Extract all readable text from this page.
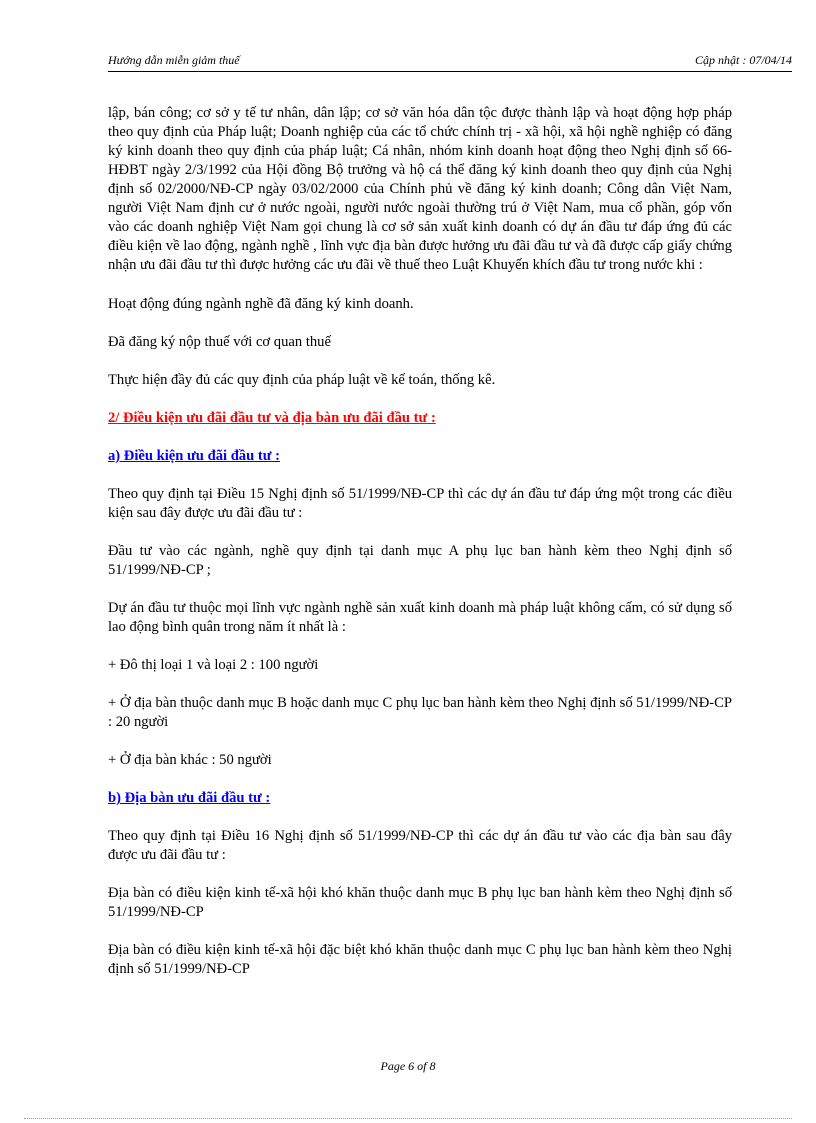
Hướng dẫn miễn giảm thuế	Cập nhật : 07/04/14

lập, bán công; cơ sở y tế tư nhân, dân lập; cơ sở văn hóa dân tộc được thành lập và hoạt động hợp pháp theo quy định của Pháp luật; Doanh nghiệp của các tổ chức chính trị - xã hội, xã hội nghề nghiệp có đăng ký kinh doanh theo quy định của pháp luật; Cá nhân, nhóm kinh doanh hoạt động theo Nghị định số 66-HĐBT ngày 2/3/1992 của Hội đồng Bộ trưởng và hộ cá thể đăng ký kinh doanh theo quy định của Nghị định số 02/2000/NĐ-CP ngày 03/02/2000 của Chính phủ về đăng ký kinh doanh; Công dân Việt Nam, người Việt Nam định cư ở nước ngoài, người nước ngoài thường trú ở Việt Nam, mua cổ phần, góp vốn vào các doanh nghiệp Việt Nam gọi chung là cơ sở sản xuất kinh doanh có dự án đầu tư đáp ứng đủ các điều kiện về lao động, ngành nghề , lĩnh vực địa bàn được hưởng ưu đãi đầu tư và đã được cấp giấy chứng nhận ưu đãi đầu tư thì được hưởng các ưu đãi về thuế theo Luật Khuyến khích đầu tư trong nước khi :

Hoạt động đúng ngành nghề đã đăng ký kinh doanh.

Đã đăng ký nộp thuế với cơ quan thuế

Thực hiện đầy đủ các quy định của pháp luật về kế toán, thống kê.

2/ Điều kiện ưu đãi đầu tư và địa bàn ưu đãi đầu tư :

a) Điều kiện ưu đãi đầu tư :

Theo quy định tại Điều 15 Nghị định số 51/1999/NĐ-CP thì các dự án đầu tư đáp ứng một trong các điều kiện sau đây được ưu đãi đầu tư :

Đầu tư vào các ngành, nghề quy định tại danh mục A phụ lục ban hành kèm theo Nghị định số 51/1999/NĐ-CP ;

Dự án đầu tư thuộc mọi lĩnh vực ngành nghề sản xuất kinh doanh mà pháp luật không cấm, có sử dụng số lao động bình quân trong năm ít nhất là :

+ Đô thị loại 1 và loại 2 : 100 người

+ Ở địa bàn thuộc danh mục B hoặc danh mục C phụ lục ban hành kèm theo Nghị định số 51/1999/NĐ-CP : 20 người

+ Ở địa bàn khác : 50 người

b) Địa bàn ưu đãi đầu tư :

Theo quy định tại Điều 16 Nghị định số 51/1999/NĐ-CP thì các dự án đầu tư vào các địa bàn sau đây được ưu đãi đầu tư :

Địa bàn có điều kiện kinh tế-xã hội khó khăn thuộc danh mục B phụ lục ban hành kèm theo Nghị định số 51/1999/NĐ-CP

Địa bàn có điều kiện kinh tế-xã hội đặc biệt khó khăn thuộc danh mục C phụ lục ban hành kèm theo Nghị định số 51/1999/NĐ-CP

Page 6 of 8
